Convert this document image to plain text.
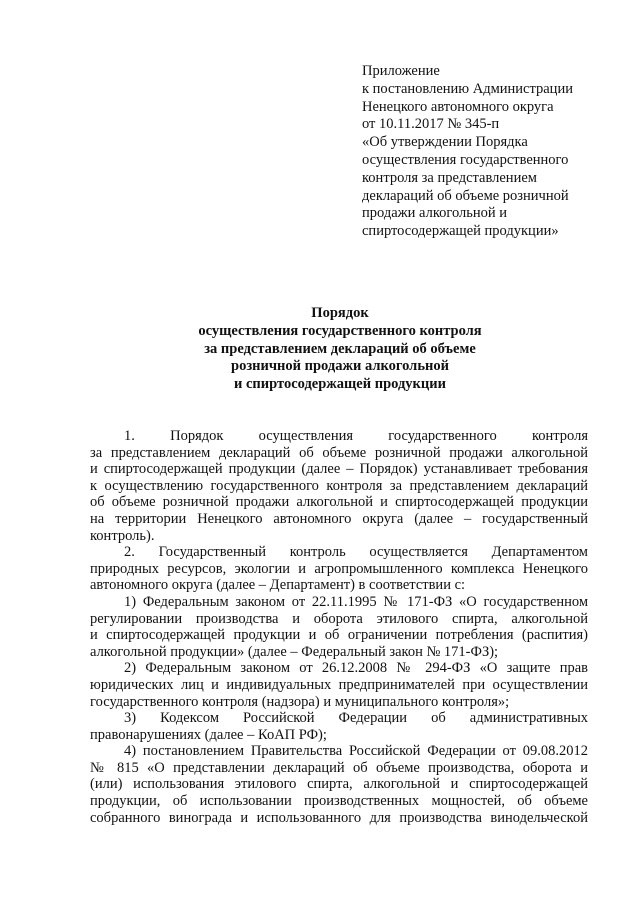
Приложение
к постановлению Администрации
Ненецкого автономного округа
от 10.11.2017 № 345-п
«Об утверждении Порядка
осуществления государственного
контроля за представлением
деклараций об объеме розничной
продажи алкогольной и
спиртосодержащей продукции»
Порядок
осуществления государственного контроля
за представлением деклараций об объеме
розничной продажи алкогольной
и спиртосодержащей продукции
1. Порядок осуществления государственного контроля
за представлением деклараций об объеме розничной продажи алкогольной
и спиртосодержащей продукции (далее – Порядок) устанавливает требования
к осуществлению государственного контроля за представлением деклараций
об объеме розничной продажи алкогольной и спиртосодержащей продукции
на территории Ненецкого автономного округа (далее – государственный
контроль).
2. Государственный контроль осуществляется Департаментом
природных ресурсов, экологии и агропромышленного комплекса Ненецкого
автономного округа (далее – Департамент) в соответствии с:
1) Федеральным законом от 22.11.1995 № 171-ФЗ «О государственном
регулировании производства и оборота этилового спирта, алкогольной
и спиртосодержащей продукции и об ограничении потребления (распития)
алкогольной продукции» (далее – Федеральный закон № 171-ФЗ);
2) Федеральным законом от 26.12.2008 № 294-ФЗ «О защите прав
юридических лиц и индивидуальных предпринимателей при осуществлении
государственного контроля (надзора) и муниципального контроля»;
3) Кодексом Российской Федерации об административных
правонарушениях (далее – КоАП РФ);
4) постановлением Правительства Российской Федерации от 09.08.2012
№ 815 «О представлении деклараций об объеме производства, оборота и
(или) использования этилового спирта, алкогольной и спиртосодержащей
продукции, об использовании производственных мощностей, об объеме
собранного винограда и использованного для производства винодельческой
